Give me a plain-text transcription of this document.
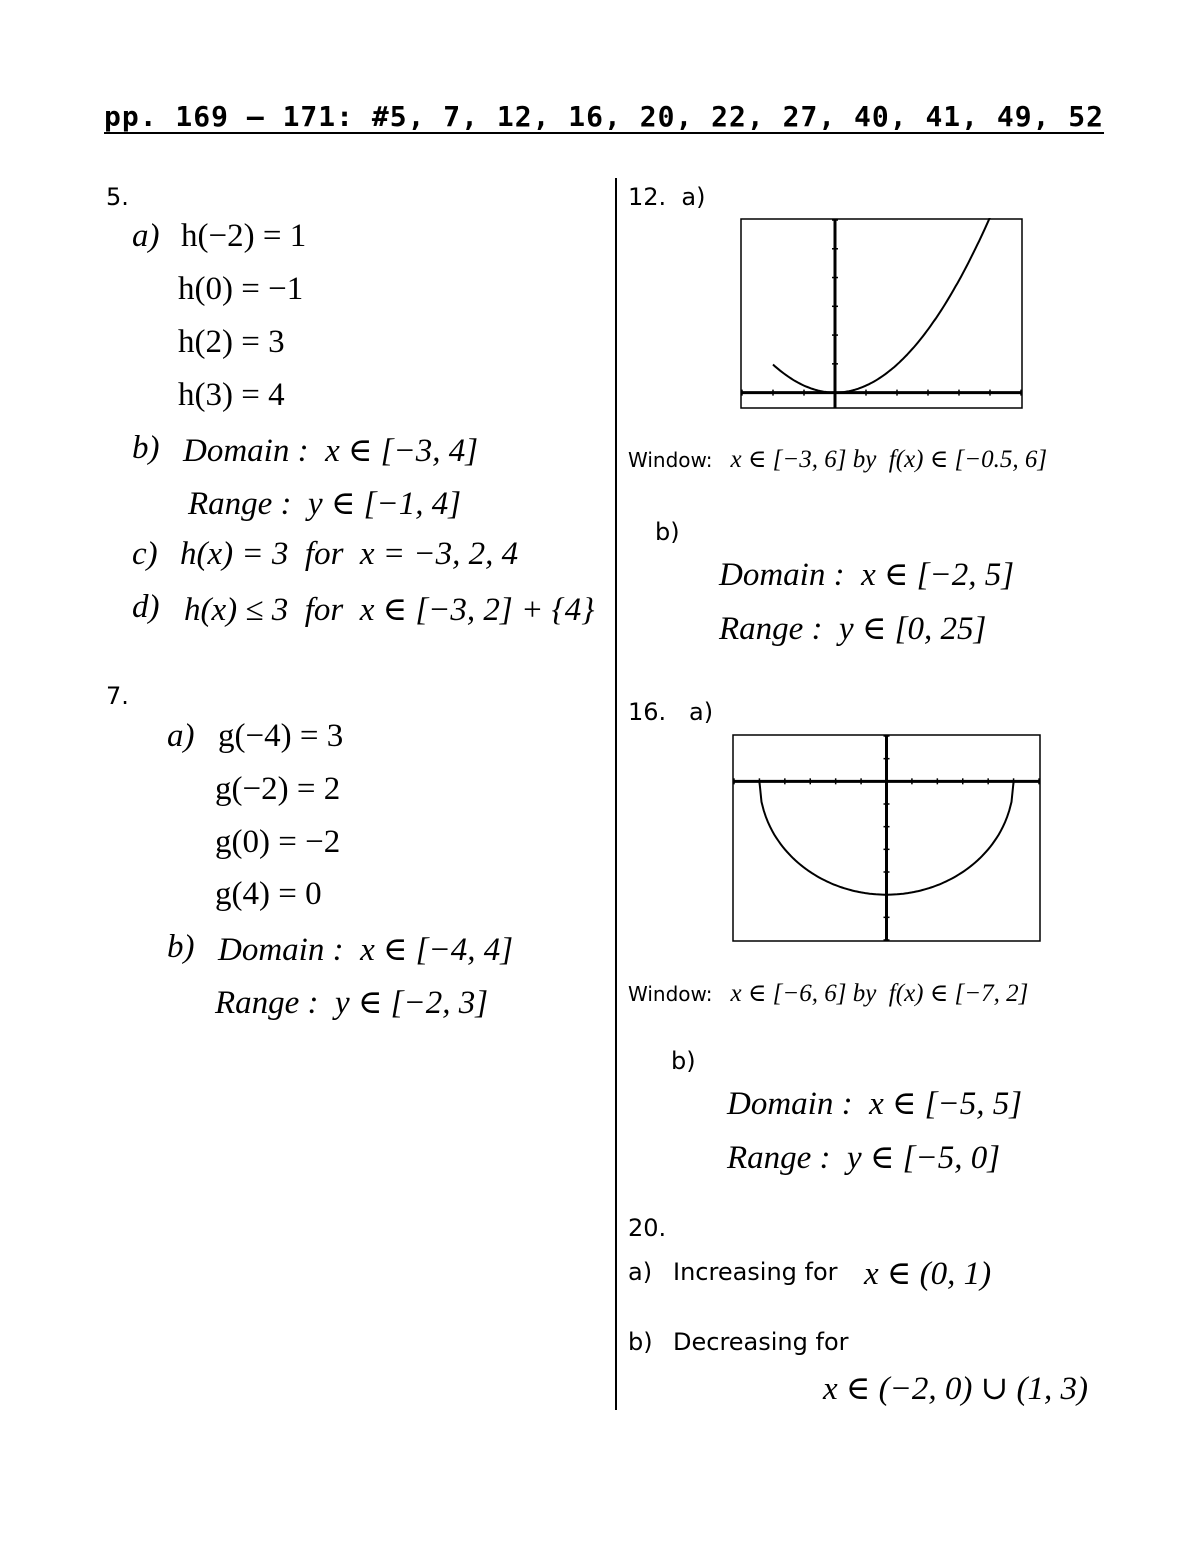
pp. 169 – 171: #5, 7, 12, 16, 20, 22, 27, 40, 41, 49, 52
5.
a) h(−2) = 1
h(0) = −1
h(2) = 3
h(3) = 4
b) Domain :  x ∈ [−3, 4]
Range :  y ∈ [−1, 4]
c) h(x) = 3  for  x = −3, 2, 4
d) h(x) ≤ 3  for  x ∈ [−3, 2] + {4}
7.
a) g(−4) = 3
g(−2) = 2
g(0) = −2
g(4) = 0
b) Domain :  x ∈ [−4, 4]
Range :  y ∈ [−2, 3]
12.  a)
Window: x ∈ [−3, 6] by  f(x) ∈ [−0.5, 6]
b)
Domain :  x ∈ [−2, 5]
Range :  y ∈ [0, 25]
16.   a)
Window: x ∈ [−6, 6] by  f(x) ∈ [−7, 2]
b)
Domain :  x ∈ [−5, 5]
Range :  y ∈ [−5, 0]
20.
a) Increasing for x ∈ (0, 1)
b) Decreasing for
x ∈ (−2, 0) ∪ (1, 3)
